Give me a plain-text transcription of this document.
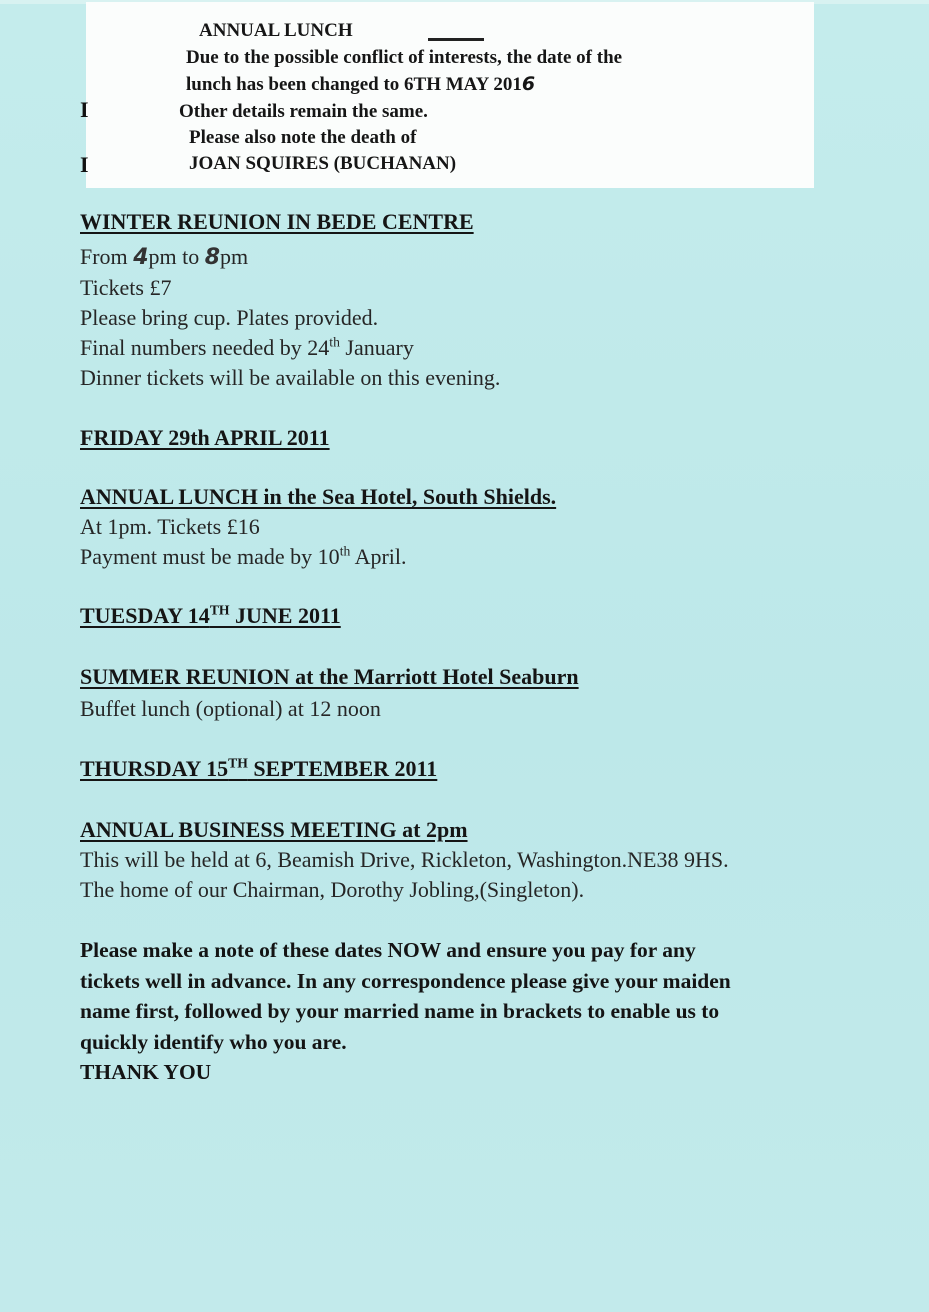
ANNUAL LUNCH
Due to the possible conflict of interests, the date of the
lunch has been changed to 6TH MAY 2016
Other details remain the same.
Please also note the death of
JOAN SQUIRES (BUCHANAN)
I
I
WINTER REUNION IN BEDE CENTRE
From 4pm to 8pm
Tickets £7
Please bring cup. Plates provided.
Final numbers needed by 24th January
Dinner tickets will be available on this evening.
FRIDAY 29th APRIL 2011
ANNUAL LUNCH in the Sea Hotel, South Shields.
At 1pm. Tickets £16
Payment must be made by 10th April.
TUESDAY 14TH JUNE 2011
SUMMER REUNION at the Marriott Hotel Seaburn
Buffet lunch (optional) at 12 noon
THURSDAY 15TH SEPTEMBER 2011
ANNUAL BUSINESS MEETING at 2pm
This will be held at 6, Beamish Drive, Rickleton, Washington.NE38 9HS.
The home of our Chairman, Dorothy Jobling,(Singleton).
Please make a note of these dates NOW and ensure you pay for any
tickets well in advance. In any correspondence please give your maiden
name first, followed by your married name in brackets to enable us to
quickly identify who you are.
THANK YOU
